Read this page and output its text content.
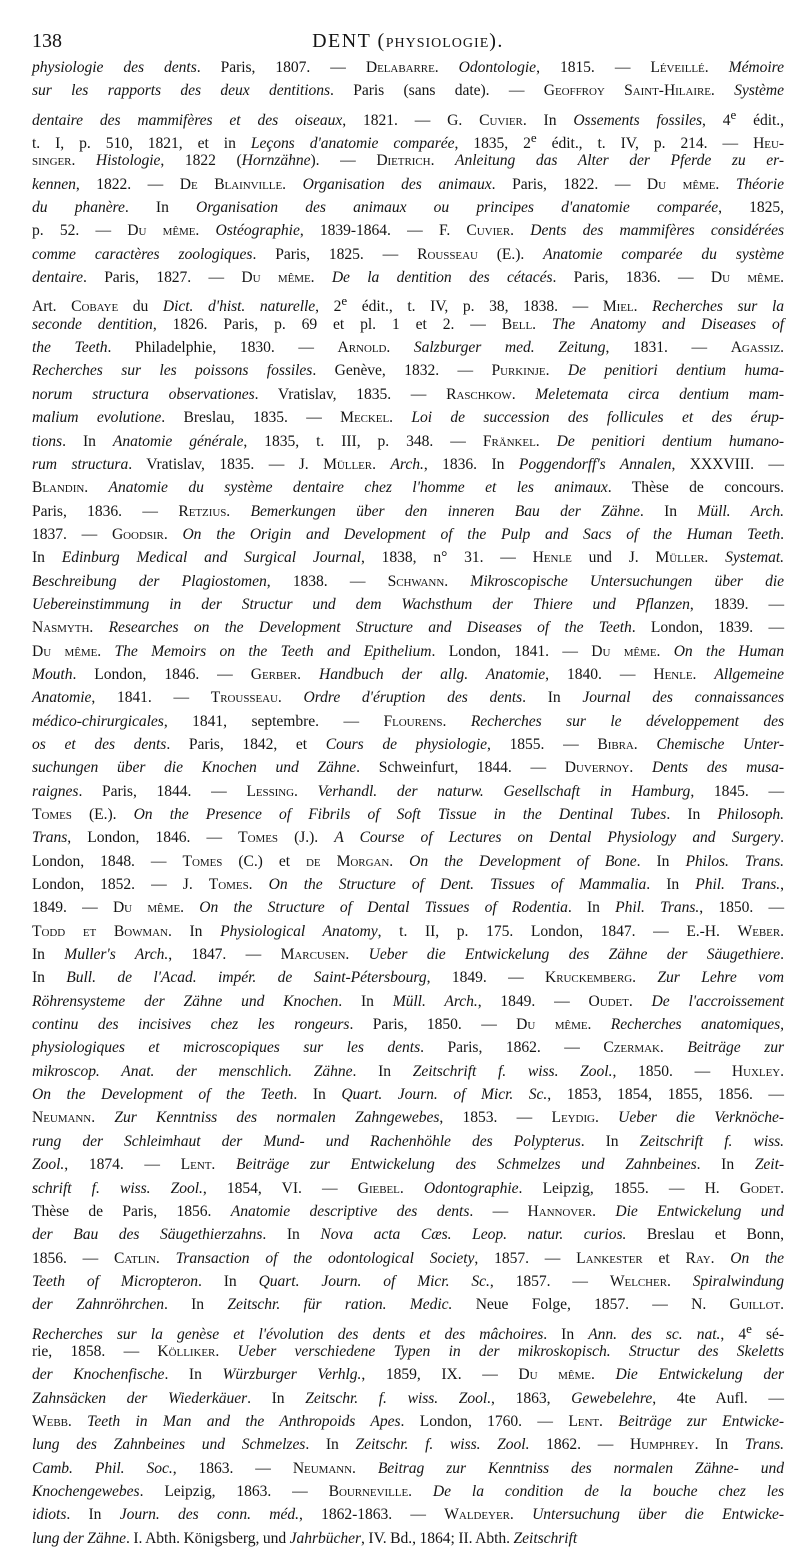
138	DENT (physiologie).
physiologie des dents. Paris, 1807. — Delabarre. Odontologie, 1815. — Léveillé. Mémoire
sur les rapports des deux dentitions. Paris (sans date). — Geoffroy Saint-Hilaire. Système
dentaire des mammifères et des oiseaux, 1821. — G. Cuvier. In Ossements fossiles, 4e édit.,
t. I, p. 510, 1821, et in Leçons d'anatomie comparée, 1835, 2e édit., t. IV, p. 214. — Heu-
singer. Histologie, 1822 (Hornzähne). — Dietrich. Anleitung das Alter der Pferde zu er-
kennen, 1822. — De Blainville. Organisation des animaux. Paris, 1822. — Du même. Théorie
du phanère. In Organisation des animaux ou principes d'anatomie comparée, 1825,
p. 52. — Du même. Ostéographie, 1839-1864. — F. Cuvier. Dents des mammifères considérées
comme caractères zoologiques. Paris, 1825. — Rousseau (E.). Anatomie comparée du système
dentaire. Paris, 1827. — Du même. De la dentition des cétacés. Paris, 1836. — Du même.
Art. Cobaye du Dict. d'hist. naturelle, 2e édit., t. IV, p. 38, 1838. — Miel. Recherches sur la
seconde dentition, 1826. Paris, p. 69 et pl. 1 et 2. — Bell. The Anatomy and Diseases of
the Teeth. Philadelphie, 1830. — Arnold. Salzburger med. Zeitung, 1831. — Agassiz.
Recherches sur les poissons fossiles. Genève, 1832. — Purkinje. De penitiori dentium huma-
norum structura observationes. Vratislav, 1835. — Raschkow. Meletemata circa dentium mam-
malium evolutione. Breslau, 1835. — Meckel. Loi de succession des follicules et des érup-
tions. In Anatomie générale, 1835, t. III, p. 348. — Fränkel. De penitiori dentium humano-
rum structura. Vratislav, 1835. — J. Müller. Arch., 1836. In Poggendorff's Annalen, XXXVIII. —
Blandin. Anatomie du système dentaire chez l'homme et les animaux. Thèse de concours.
Paris, 1836. — Retzius. Bemerkungen über den inneren Bau der Zähne. In Müll. Arch.
1837. — Goodsir. On the Origin and Development of the Pulp and Sacs of the Human Teeth.
In Edinburg Medical and Surgical Journal, 1838, n° 31. — Henle und J. Müller. Systemat.
Beschreibung der Plagiostomen, 1838. — Schwann. Mikroscopische Untersuchungen über die
Uebereinstimmung in der Structur und dem Wachsthum der Thiere und Pflanzen, 1839. —
Nasmyth. Researches on the Development Structure and Diseases of the Teeth. London, 1839. —
Du même. The Memoirs on the Teeth and Epithelium. London, 1841. — Du même. On the Human
Mouth. London, 1846. — Gerber. Handbuch der allg. Anatomie, 1840. — Henle. Allgemeine
Anatomie, 1841. — Trousseau. Ordre d'éruption des dents. In Journal des connaissances
médico-chirurgicales, 1841, septembre. — Flourens. Recherches sur le développement des
os et des dents. Paris, 1842, et Cours de physiologie, 1855. — Bibra. Chemische Unter-
suchungen über die Knochen und Zähne. Schweinfurt, 1844. — Duvernoy. Dents des musa-
raignes. Paris, 1844. — Lessing. Verhandl. der naturw. Gesellschaft in Hamburg, 1845. —
Tomes (E.). On the Presence of Fibrils of Soft Tissue in the Dentinal Tubes. In Philosoph.
Trans, London, 1846. — Tomes (J.). A Course of Lectures on Dental Physiology and Surgery.
London, 1848. — Tomes (C.) et de Morgan. On the Development of Bone. In Philos. Trans.
London, 1852. — J. Tomes. On the Structure of Dent. Tissues of Mammalia. In Phil. Trans.,
1849. — Du même. On the Structure of Dental Tissues of Rodentia. In Phil. Trans., 1850. —
Todd et Bowman. In Physiological Anatomy, t. II, p. 175. London, 1847. — E.-H. Weber.
In Muller's Arch., 1847. — Marcusen. Ueber die Entwickelung des Zähne der Säugethiere.
In Bull. de l'Acad. impér. de Saint-Pétersbourg, 1849. — Kruckemberg. Zur Lehre vom
Röhrensysteme der Zähne und Knochen. In Müll. Arch., 1849. — Oudet. De l'accroissement
continu des incisives chez les rongeurs. Paris, 1850. — Du même. Recherches anatomiques,
physiologiques et microscopiques sur les dents. Paris, 1862. — Czermak. Beiträge zur
mikroscop. Anat. der menschlich. Zähne. In Zeitschrift f. wiss. Zool., 1850. — Huxley.
On the Development of the Teeth. In Quart. Journ. of Micr. Sc., 1853, 1854, 1855, 1856. —
Neumann. Zur Kenntniss des normalen Zahngewebes, 1853. — Leydig. Ueber die Verknöche-
rung der Schleimhaut der Mund- und Rachenhöhle des Polypterus. In Zeitschrift f. wiss.
Zool., 1874. — Lent. Beiträge zur Entwickelung des Schmelzes und Zahnbeines. In Zeit-
schrift f. wiss. Zool., 1854, VI. — Giebel. Odontographie. Leipzig, 1855. — H. Godet.
Thèse de Paris, 1856. Anatomie descriptive des dents. — Hannover. Die Entwickelung und
der Bau des Säugethierzahns. In Nova acta Cæs. Leop. natur. curios. Breslau et Bonn,
1856. — Catlin. Transaction of the odontological Society, 1857. — Lankester et Ray. On the
Teeth of Micropteron. In Quart. Journ. of Micr. Sc., 1857. — Welcher. Spiralwindung
der Zahnröhrchen. In Zeitschr. für ration. Medic. Neue Folge, 1857. — N. Guillot.
Recherches sur la genèse et l'évolution des dents et des mâchoires. In Ann. des sc. nat., 4e sé-
rie, 1858. — Kölliker. Ueber verschiedene Typen in der mikroskopisch. Structur des Skeletts
der Knochenfische. In Würzburger Verhlg., 1859, IX. — Du même. Die Entwickelung der
Zahnsäcken der Wiederkäuer. In Zeitschr. f. wiss. Zool., 1863, Gewebelehre, 4te Aufl. —
Webb. Teeth in Man and the Anthropoids Apes. London, 1760. — Lent. Beiträge zur Entwicke-
lung des Zahnbeines und Schmelzes. In Zeitschr. f. wiss. Zool. 1862. — Humphrey. In Trans.
Camb. Phil. Soc., 1863. — Neumann. Beitrag zur Kenntniss des normalen Zähne- und
Knochengewebes. Leipzig, 1863. — Bourneville. De la condition de la bouche chez les
idiots. In Journ. des conn. méd., 1862-1863. — Waldeyer. Untersuchung über die Entwicke-
lung der Zähne. I. Abth. Königsberg, und Jahrbücher, IV. Bd., 1864; II. Abth. Zeitschrift
